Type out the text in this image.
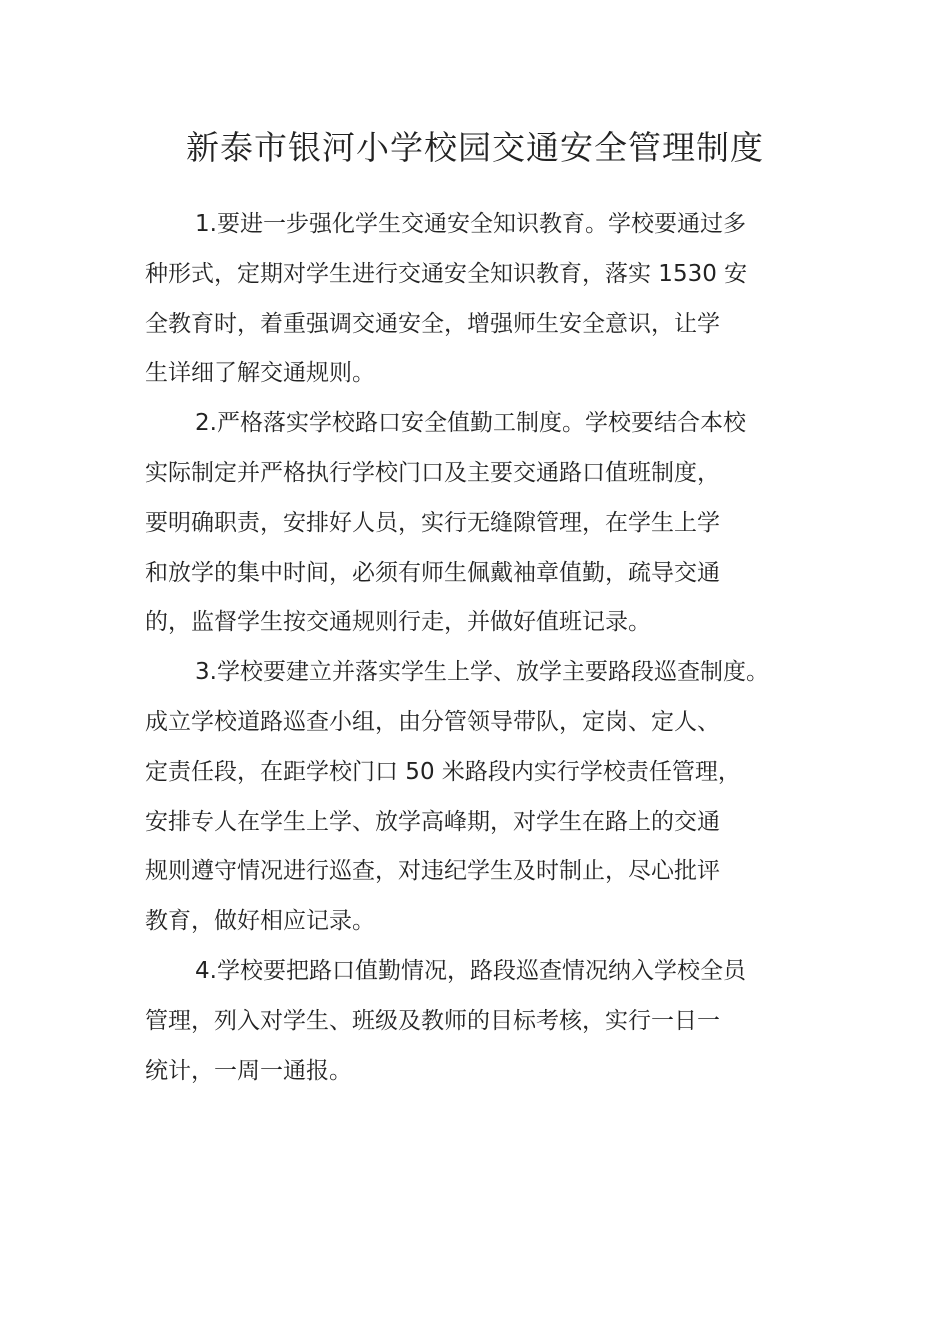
新泰市银河小学校园交通安全管理制度
1.要进一步强化学生交通安全知识教育。学校要通过多
种形式，定期对学生进行交通安全知识教育，落实 1530 安
全教育时，着重强调交通安全，增强师生安全意识，让学
生详细了解交通规则。
2.严格落实学校路口安全值勤工制度。学校要结合本校
实际制定并严格执行学校门口及主要交通路口值班制度，
要明确职责，安排好人员，实行无缝隙管理，在学生上学
和放学的集中时间，必须有师生佩戴袖章值勤，疏导交通
的，监督学生按交通规则行走，并做好值班记录。
3.学校要建立并落实学生上学、放学主要路段巡查制度。
成立学校道路巡查小组，由分管领导带队，定岗、定人、
定责任段，在距学校门口 50 米路段内实行学校责任管理，
安排专人在学生上学、放学高峰期，对学生在路上的交通
规则遵守情况进行巡查，对违纪学生及时制止，尽心批评
教育，做好相应记录。
4.学校要把路口值勤情况，路段巡查情况纳入学校全员
管理，列入对学生、班级及教师的目标考核，实行一日一
统计，一周一通报。
